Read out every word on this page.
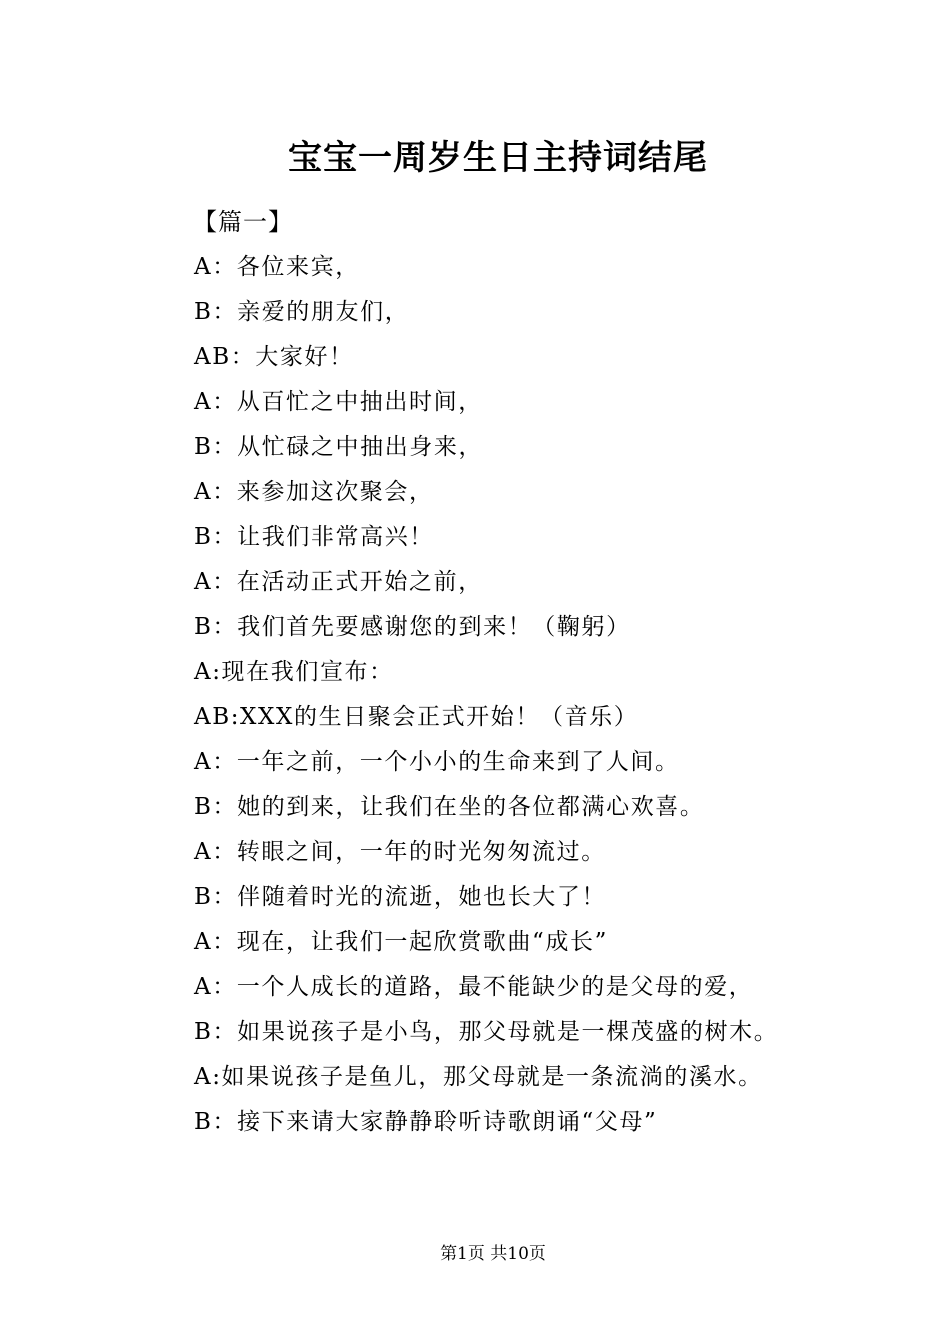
宝宝一周岁生日主持词结尾
【篇一】
A：各位来宾，
B：亲爱的朋友们，
AB：大家好！
A：从百忙之中抽出时间，
B：从忙碌之中抽出身来，
A：来参加这次聚会，
B：让我们非常高兴！
A：在活动正式开始之前，
B：我们首先要感谢您的到来！（鞠躬）
A:现在我们宣布：
AB:XXX的生日聚会正式开始！（音乐）
A：一年之前，一个小小的生命来到了人间。
B：她的到来，让我们在坐的各位都满心欢喜。
A：转眼之间，一年的时光匆匆流过。
B：伴随着时光的流逝，她也长大了！
A：现在，让我们一起欣赏歌曲“成长”
A：一个人成长的道路，最不能缺少的是父母的爱，
B：如果说孩子是小鸟，那父母就是一棵茂盛的树木。
A:如果说孩子是鱼儿，那父母就是一条流淌的溪水。
B：接下来请大家静静聆听诗歌朗诵“父母”
第1页 共10页
